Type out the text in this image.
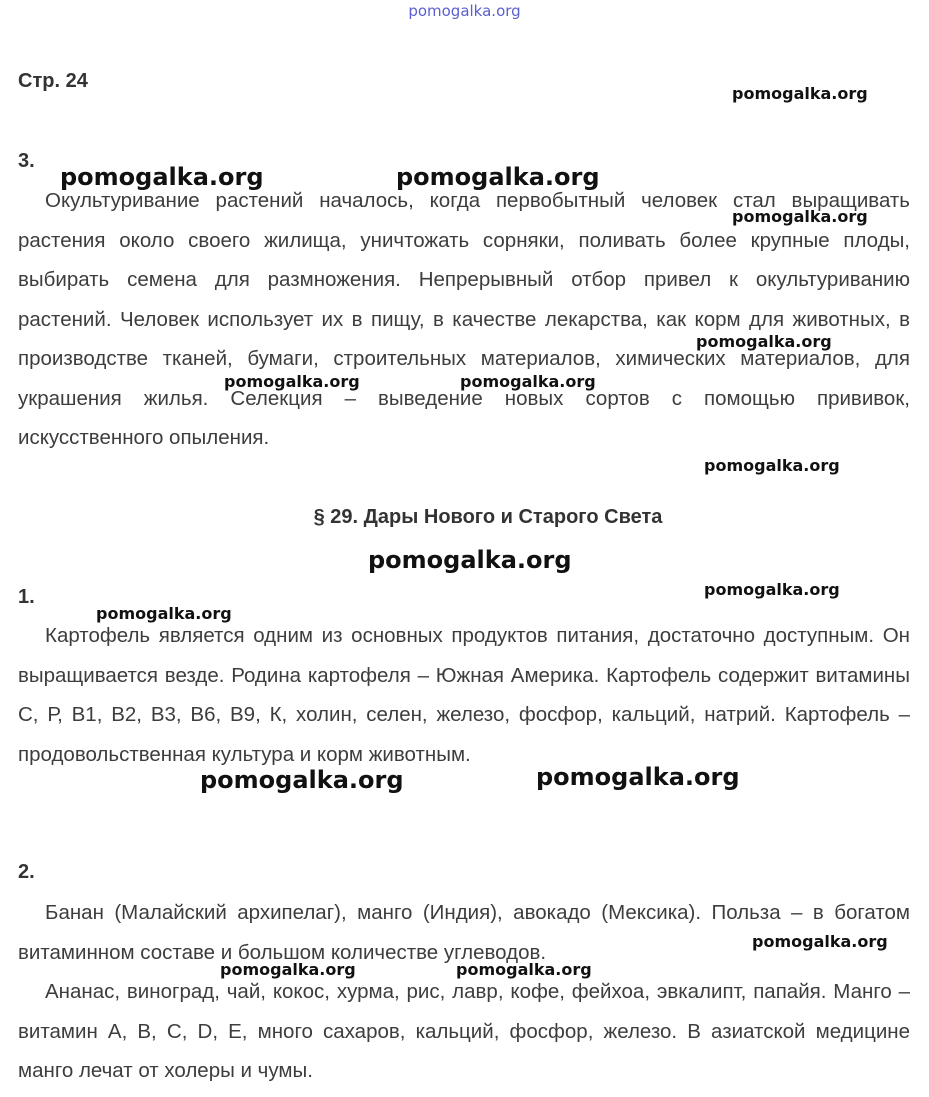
pomogalka.org
Стр. 24
3.
Окультуривание растений началось, когда первобытный человек стал выращивать растения около своего жилища, уничтожать сорняки, поливать более крупные плоды, выбирать семена для размножения. Непрерывный отбор привел к окультуриванию растений. Человек использует их в пищу, в качестве лекарства, как корм для животных, в производстве тканей, бумаги, строительных материалов, химических материалов, для украшения жилья. Селекция – выведение новых сортов с помощью прививок, искусственного опыления.
§ 29. Дары Нового и Старого Света
1.
Картофель является одним из основных продуктов питания, достаточно доступным. Он выращивается везде. Родина картофеля – Южная Америка. Картофель содержит витамины С, Р, В1, В2, В3, В6, В9, К, холин, селен, железо, фосфор, кальций, натрий. Картофель – продовольственная культура и корм животным.
2.
Банан (Малайский архипелаг), манго (Индия), авокадо (Мексика). Польза – в богатом витаминном составе и большом количестве углеводов.
Ананас, виноград, чай, кокос, хурма, рис, лавр, кофе, фейхоа, эвкалипт, папайя. Манго – витамин А, В, С, D, Е, много сахаров, кальций, фосфор, железо. В азиатской медицине манго лечат от холеры и чумы.
pomogalka.org
pomogalka.org	pomogalka.org
pomogalka.org
pomogalka.org
pomogalka.org	pomogalka.org
pomogalka.org
pomogalka.org
pomogalka.org
pomogalka.org
pomogalka.org	pomogalka.org
pomogalka.org
pomogalka.org	pomogalka.org
